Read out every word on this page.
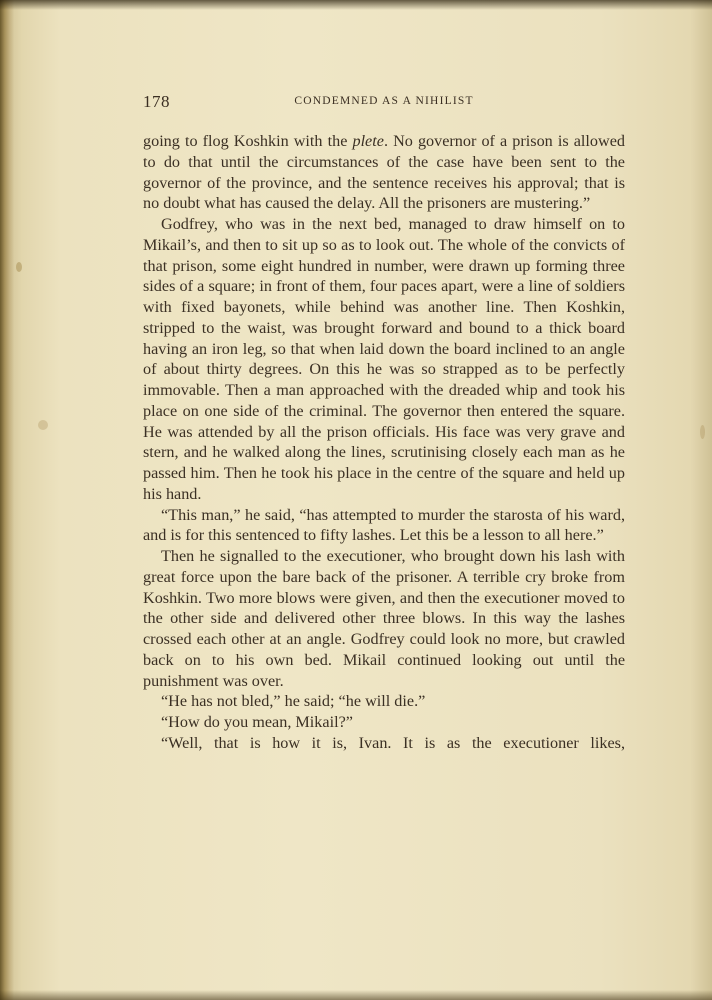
178	CONDEMNED AS A NIHILIST

going to flog Koshkin with the plete. No governor of a prison is allowed to do that until the circumstances of the case have been sent to the governor of the province, and the sentence receives his approval; that is no doubt what has caused the delay. All the prisoners are mustering.”

Godfrey, who was in the next bed, managed to draw himself on to Mikail’s, and then to sit up so as to look out. The whole of the convicts of that prison, some eight hundred in number, were drawn up forming three sides of a square; in front of them, four paces apart, were a line of soldiers with fixed bayonets, while behind was another line. Then Koshkin, stripped to the waist, was brought forward and bound to a thick board having an iron leg, so that when laid down the board inclined to an angle of about thirty degrees. On this he was so strapped as to be perfectly immovable. Then a man approached with the dreaded whip and took his place on one side of the criminal. The governor then entered the square. He was attended by all the prison officials. His face was very grave and stern, and he walked along the lines, scrutinising closely each man as he passed him. Then he took his place in the centre of the square and held up his hand.

“This man,” he said, “has attempted to murder the starosta of his ward, and is for this sentenced to fifty lashes. Let this be a lesson to all here.”

Then he signalled to the executioner, who brought down his lash with great force upon the bare back of the prisoner. A terrible cry broke from Koshkin. Two more blows were given, and then the executioner moved to the other side and delivered other three blows. In this way the lashes crossed each other at an angle. Godfrey could look no more, but crawled back on to his own bed. Mikail continued looking out until the punishment was over.

“He has not bled,” he said; “he will die.”

“How do you mean, Mikail?”

“Well, that is how it is, Ivan. It is as the executioner likes,
